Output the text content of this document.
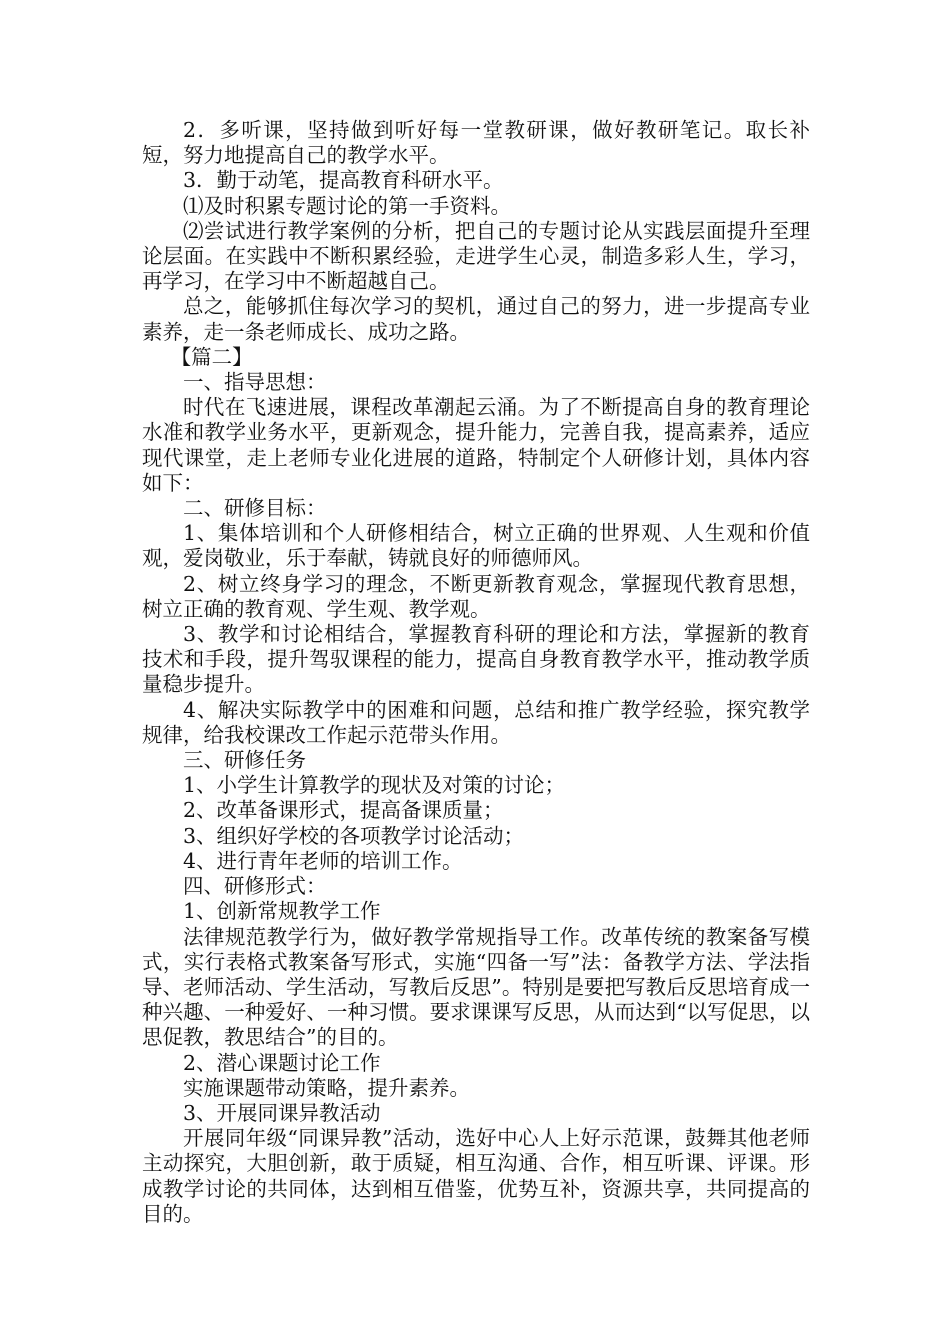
2．多听课，坚持做到听好每一堂教研课，做好教研笔记。取长补短，努力地提高自己的教学水平。

3．勤于动笔，提高教育科研水平。

⑴及时积累专题讨论的第一手资料。

⑵尝试进行教学案例的分析，把自己的专题讨论从实践层面提升至理论层面。在实践中不断积累经验，走进学生心灵，制造多彩人生，学习，再学习，在学习中不断超越自己。

总之，能够抓住每次学习的契机，通过自己的努力，进一步提高专业素养，走一条老师成长、成功之路。

【篇二】

一、指导思想：

时代在飞速进展，课程改革潮起云涌。为了不断提高自身的教育理论水准和教学业务水平，更新观念，提升能力，完善自我，提高素养，适应现代课堂，走上老师专业化进展的道路，特制定个人研修计划，具体内容如下：

二、研修目标：

1、集体培训和个人研修相结合，树立正确的世界观、人生观和价值观，爱岗敬业，乐于奉献，铸就良好的师德师风。

2、树立终身学习的理念，不断更新教育观念，掌握现代教育思想，树立正确的教育观、学生观、教学观。

3、教学和讨论相结合，掌握教育科研的理论和方法，掌握新的教育技术和手段，提升驾驭课程的能力，提高自身教育教学水平，推动教学质量稳步提升。

4、解决实际教学中的困难和问题，总结和推广教学经验，探究教学规律，给我校课改工作起示范带头作用。

三、研修任务

1、小学生计算教学的现状及对策的讨论；

2、改革备课形式，提高备课质量；

3、组织好学校的各项教学讨论活动；

4、进行青年老师的培训工作。

四、研修形式：

1、创新常规教学工作

法律规范教学行为，做好教学常规指导工作。改革传统的教案备写模式，实行表格式教案备写形式，实施“四备一写”法：备教学方法、学法指导、老师活动、学生活动，写教后反思”。特别是要把写教后反思培育成一种兴趣、一种爱好、一种习惯。要求课课写反思，从而达到“以写促思，以思促教，教思结合”的目的。

2、潜心课题讨论工作

实施课题带动策略，提升素养。

3、开展同课异教活动

开展同年级“同课异教”活动，选好中心人上好示范课，鼓舞其他老师主动探究，大胆创新，敢于质疑，相互沟通、合作，相互听课、评课。形成教学讨论的共同体，达到相互借鉴，优势互补，资源共享，共同提高的目的。
